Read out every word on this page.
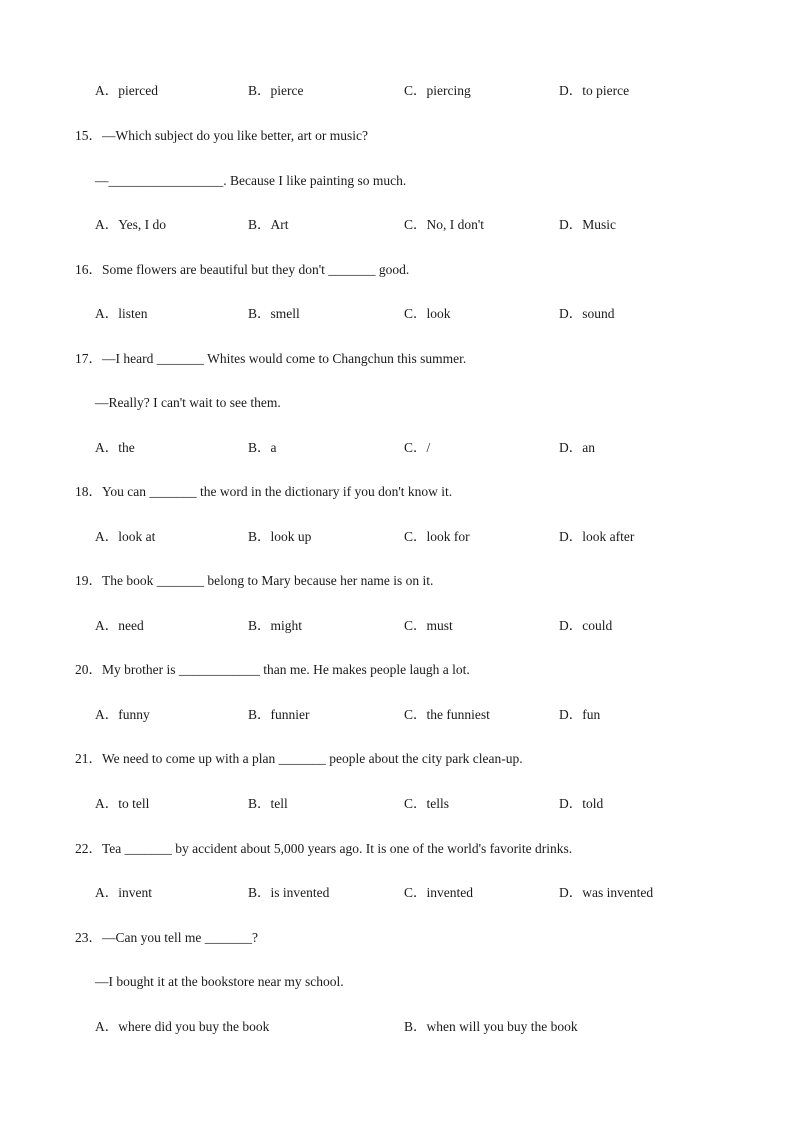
A．pierced	B．pierce	C．piercing	D．to pierce
15．—Which subject do you like better, art or music?
—_________________. Because I like painting so much.
A．Yes, I do	B．Art	C．No, I don't	D．Music
16．Some flowers are beautiful but they don't _______ good.
A．listen	B．smell	C．look	D．sound
17．—I heard _______ Whites would come to Changchun this summer.
—Really? I can't wait to see them.
A．the	B．a	C．/	D．an
18．You can _______ the word in the dictionary if you don't know it.
A．look at	B．look up	C．look for	D．look after
19．The book _______ belong to Mary because her name is on it.
A．need	B．might	C．must	D．could
20．My brother is ____________ than me. He makes people laugh a lot.
A．funny	B．funnier	C．the funniest	D．fun
21．We need to come up with a plan _______ people about the city park clean-up.
A．to tell	B．tell	C．tells	D．told
22．Tea _______ by accident about 5,000 years ago. It is one of the world's favorite drinks.
A．invent	B．is invented	C．invented	D．was invented
23．—Can you tell me _______?
—I bought it at the bookstore near my school.
A．where did you buy the book	B．when will you buy the book
